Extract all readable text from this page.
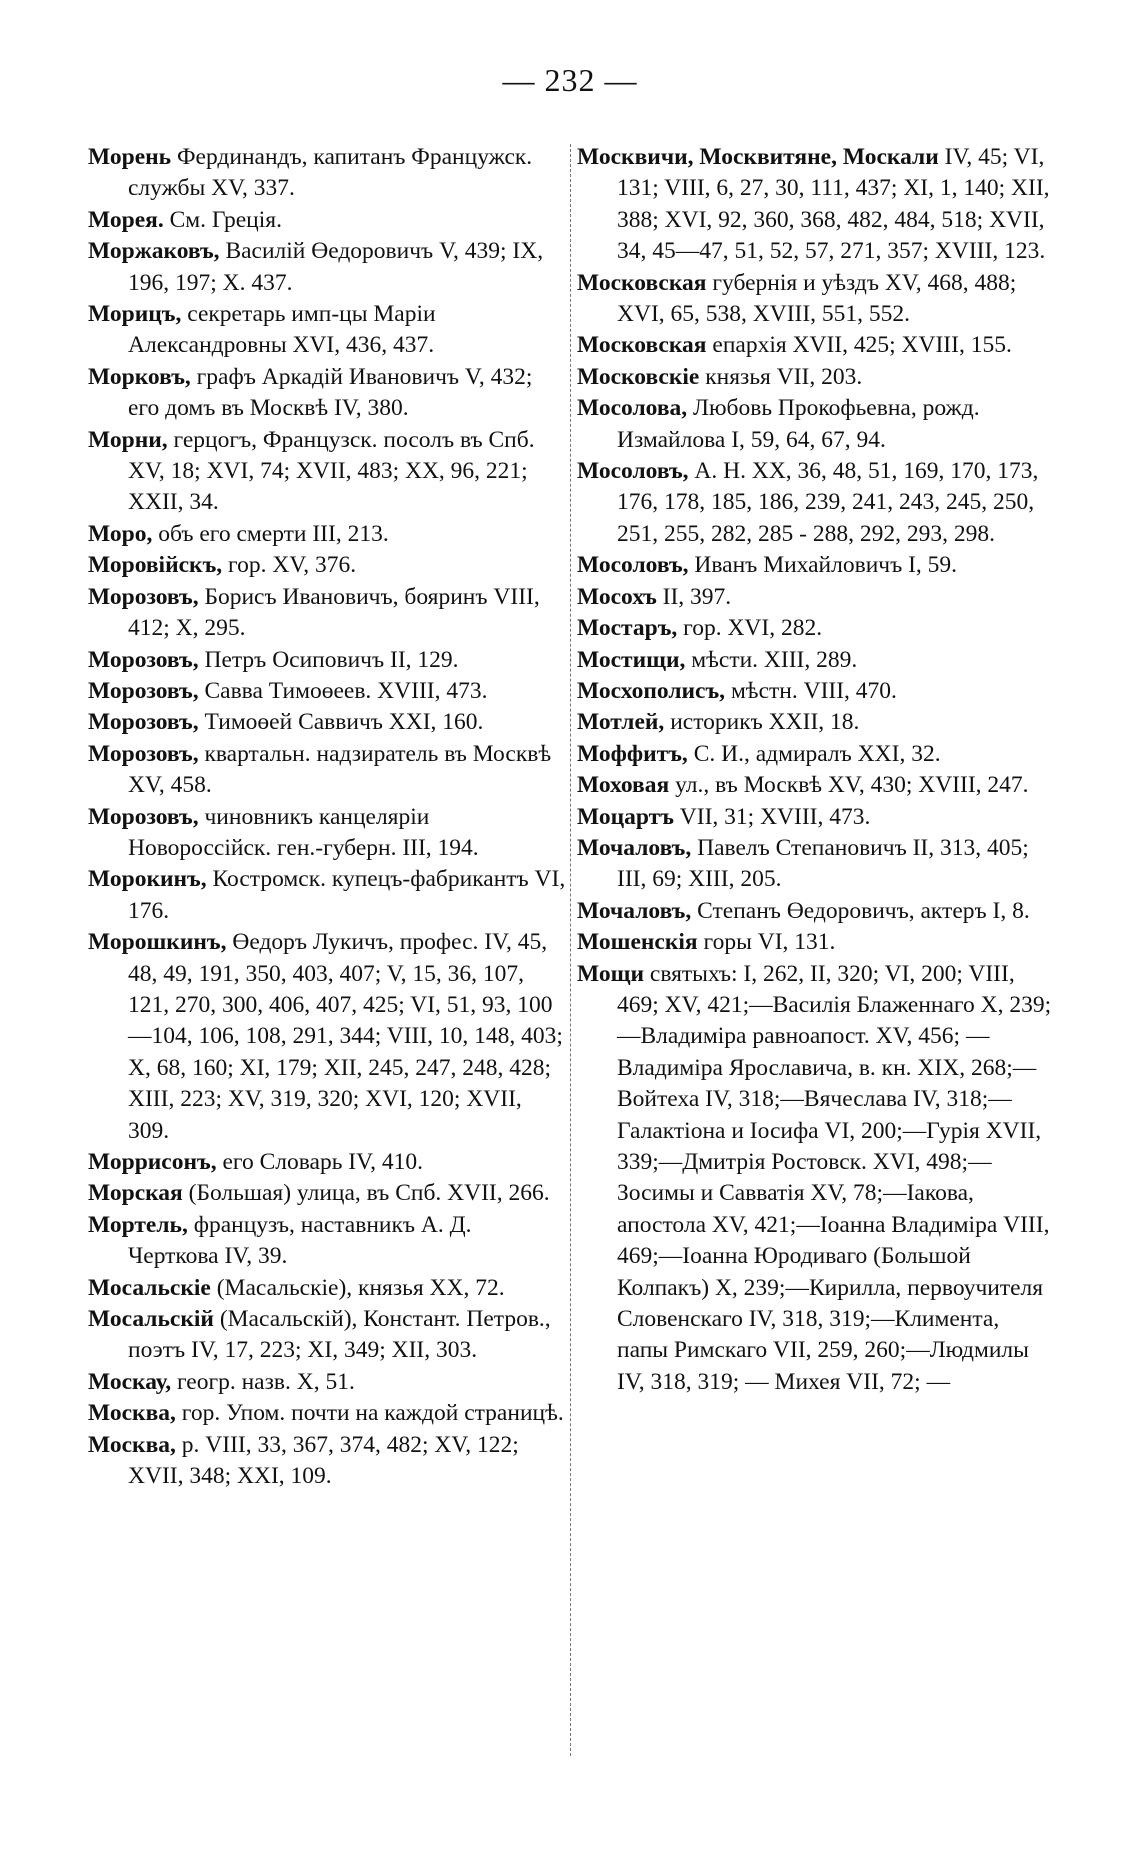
— 232 —

Морень Фердинандъ, капитанъ Францужск. службы XV, 337.

Морея. См. Грецiя.

Моржаковъ, Василiй Өедоровичъ V, 439; IX, 196, 197; X. 437.

Морицъ, секретарь имп-цы Марiи Александровны XVI, 436, 437.

Морковъ, графъ Аркадiй Ивановичъ V, 432; его домъ въ Москвѣ IV, 380.

Морни, герцогъ, Французск. посолъ въ Спб. XV, 18; XVI, 74; XVII, 483; XX, 96, 221; XXII, 34.

Моро, объ его смерти III, 213.

Моровiйскъ, гор. XV, 376.

Морозовъ, Борисъ Ивановичъ, бояринъ VIII, 412; X, 295.

Морозовъ, Петръ Осиповичъ II, 129.

Морозовъ, Савва Тимоөеев. XVIII, 473.

Морозовъ, Тимоөей Саввичъ XXI, 160.

Морозовъ, квартальн. надзиратель въ Москвѣ XV, 458.

Морозовъ, чиновникъ канцелярiи Новороссiйск. ген.-губерн. III, 194.

Морокинъ, Костромск. купецъ-фабрикантъ VI, 176.

Морошкинъ, Өедоръ Лукичъ, профес. IV, 45, 48, 49, 191, 350, 403, 407; V, 15, 36, 107, 121, 270, 300, 406, 407, 425; VI, 51, 93, 100—104, 106, 108, 291, 344; VIII, 10, 148, 403; X, 68, 160; XI, 179; XII, 245, 247, 248, 428; XIII, 223; XV, 319, 320; XVI, 120; XVII, 309.

Моррисонъ, его Словарь IV, 410.

Морская (Большая) улица, въ Спб. XVII, 266.

Мортель, французъ, наставникъ А. Д. Черткова IV, 39.

Мосальскiе (Масальскiе), князья XX, 72.

Мосальскiй (Масальскiй), Констант. Петров., поэтъ IV, 17, 223; XI, 349; XII, 303.

Москау, геогр. назв. X, 51.

Москва, гор. Упом. почти на каждой страницѣ.

Москва, р. VIII, 33, 367, 374, 482; XV, 122; XVII, 348; XXI, 109.

Москвичи, Москвитяне, Москали IV, 45; VI, 131; VIII, 6, 27, 30, 111, 437; XI, 1, 140; XII, 388; XVI, 92, 360, 368, 482, 484, 518; XVII, 34, 45—47, 51, 52, 57, 271, 357; XVIII, 123.

Московская губернiя и уѣздъ XV, 468, 488; XVI, 65, 538, XVIII, 551, 552.

Московская епархiя XVII, 425; XVIII, 155.

Московскiе князья VII, 203.

Мосолова, Любовь Прокофьевна, рожд. Измайлова I, 59, 64, 67, 94.

Мосоловъ, А. Н. XX, 36, 48, 51, 169, 170, 173, 176, 178, 185, 186, 239, 241, 243, 245, 250, 251, 255, 282, 285 - 288, 292, 293, 298.

Мосоловъ, Иванъ Михайловичъ I, 59.

Мосохъ II, 397.

Мостаръ, гор. XVI, 282.

Мостищи, мѣсти. XIII, 289.

Мосхополисъ, мѣстн. VIII, 470.

Мотлей, историкъ XXII, 18.

Моффитъ, С. И., адмиралъ XXI, 32.

Моховая ул., въ Москвѣ XV, 430; XVIII, 247.

Моцартъ VII, 31; XVIII, 473.

Мочаловъ, Павелъ Степановичъ II, 313, 405; III, 69; XIII, 205.

Мочаловъ, Степанъ Өедоровичъ, актеръ I, 8.

Мошенскiя горы VI, 131.

Мощи святыхъ: I, 262, II, 320; VI, 200; VIII, 469; XV, 421;—Василiя Блаженнаго X, 239;—Владимiра равноапост. XV, 456; — Владимiра Ярославича, в. кн. XIX, 268;—Войтеха IV, 318;—Вячеслава IV, 318;—Галактiона и Iосифа VI, 200;—Гурiя XVII, 339;—Дмитрiя Ростовск. XVI, 498;—Зосимы и Савватiя XV, 78;—Iакова, апостола XV, 421;—Iоанна Владимiра VIII, 469;—Iоанна Юродиваго (Большой Колпакъ) X, 239;—Кирилла, первоучителя Словенскаго IV, 318, 319;—Климента, папы Римскаго VII, 259, 260;—Людмилы IV, 318, 319; — Михея VII, 72; —
